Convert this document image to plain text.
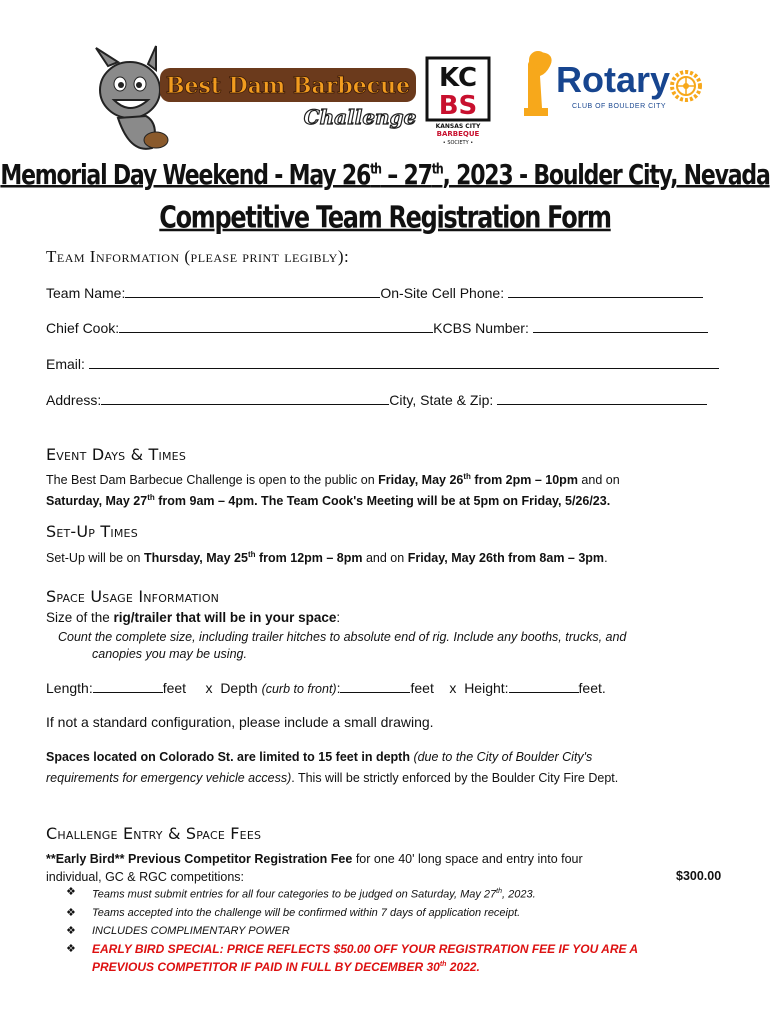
Best Dam Barbecue
Challenge
KC
BS
KANSAS CITY
BARBEQUE
• SOCIETY •
Rotary
CLUB OF BOULDER CITY
Memorial Day Weekend - May 26th – 27th, 2023 - Boulder City, Nevada
Competitive Team Registration Form
Team Information (please print legibly):
Team Name:	On-Site Cell Phone:
Chief Cook:	KCBS Number:
Email:
Address:	City, State & Zip:
Event Days & Times
The Best Dam Barbecue Challenge is open to the public on Friday, May 26th from 2pm – 10pm and on
Saturday, May 27th from 9am – 4pm. The Team Cook's Meeting will be at 5pm on Friday, 5/26/23.
Set-Up Times
Set-Up will be on Thursday, May 25th from 12pm – 8pm and on Friday, May 26th from 8am – 3pm.
Space Usage Information
Size of the rig/trailer that will be in your space:
Count the complete size, including trailer hitches to absolute end of rig. Include any booths, trucks, and
canopies you may be using.
Length:	feet x Depth (curb to front):	feet x Height:	feet.
If not a standard configuration, please include a small drawing.
Spaces located on Colorado St. are limited to 15 feet in depth (due to the City of Boulder City's
requirements for emergency vehicle access). This will be strictly enforced by the Boulder City Fire Dept.
Challenge Entry & Space Fees
**Early Bird** Previous Competitor Registration Fee for one 40' long space and entry into four
individual, GC & RGC competitions:	$300.00
❖	Teams must submit entries for all four categories to be judged on Saturday, May 27th, 2023.
❖	Teams accepted into the challenge will be confirmed within 7 days of application receipt.
❖	INCLUDES COMPLIMENTARY POWER
❖	EARLY BIRD SPECIAL: PRICE REFLECTS $50.00 OFF YOUR REGISTRATION FEE IF YOU ARE A
PREVIOUS COMPETITOR IF PAID IN FULL BY DECEMBER 30th 2022.
